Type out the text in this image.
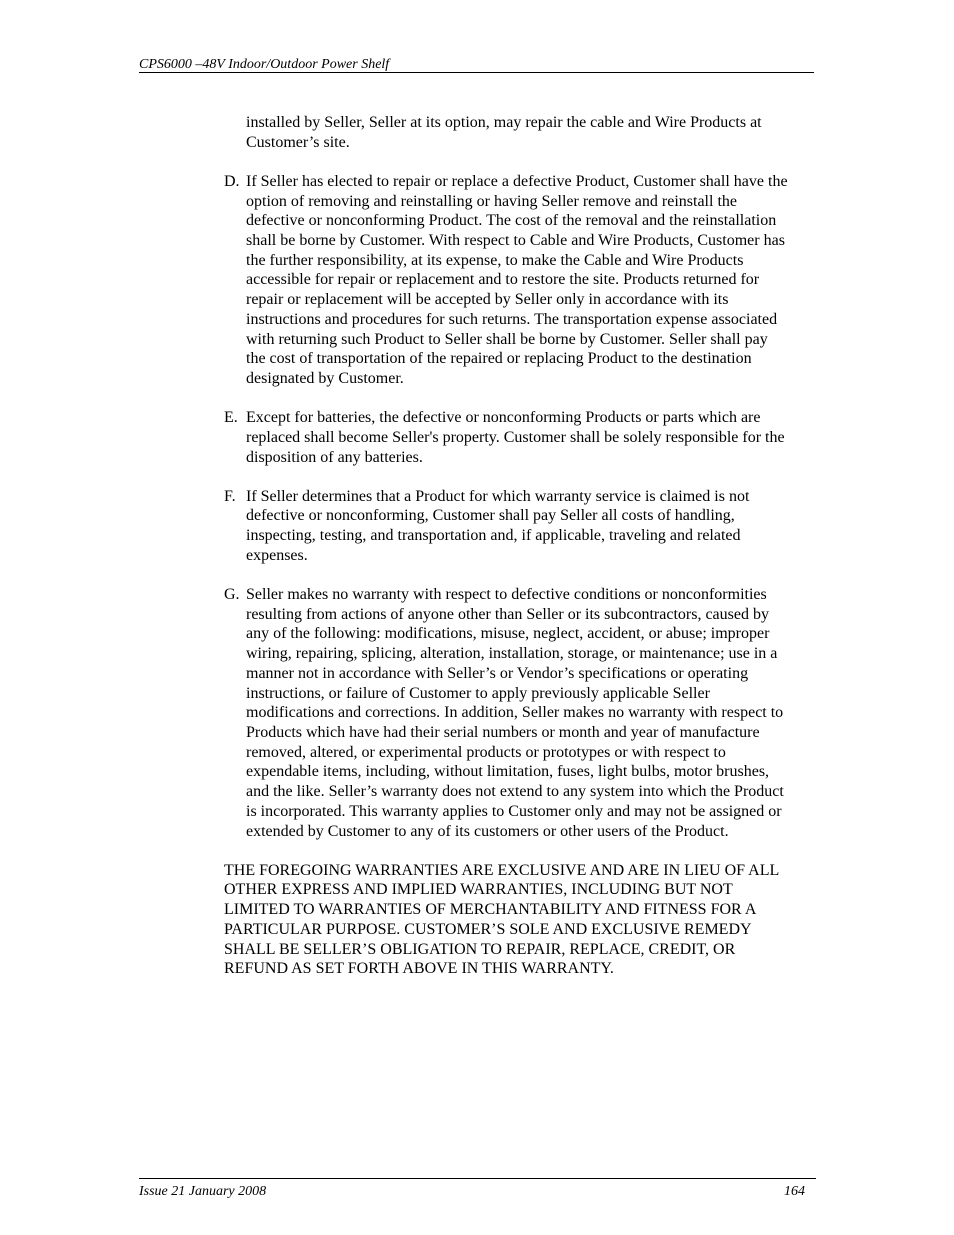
CPS6000 –48V Indoor/Outdoor Power Shelf

installed by Seller, Seller at its option, may repair the cable and Wire Products at Customer’s site.

D. If Seller has elected to repair or replace a defective Product, Customer shall have the option of removing and reinstalling or having Seller remove and reinstall the defective or nonconforming Product. The cost of the removal and the reinstallation shall be borne by Customer. With respect to Cable and Wire Products, Customer has the further responsibility, at its expense, to make the Cable and Wire Products accessible for repair or replacement and to restore the site. Products returned for repair or replacement will be accepted by Seller only in accordance with its instructions and procedures for such returns. The transportation expense associated with returning such Product to Seller shall be borne by Customer. Seller shall pay the cost of transportation of the repaired or replacing Product to the destination designated by Customer.
E. Except for batteries, the defective or nonconforming Products or parts which are replaced shall become Seller's property. Customer shall be solely responsible for the disposition of any batteries.
F. If Seller determines that a Product for which warranty service is claimed is not defective or nonconforming, Customer shall pay Seller all costs of handling, inspecting, testing, and transportation and, if applicable, traveling and related expenses.
G. Seller makes no warranty with respect to defective conditions or nonconformities resulting from actions of anyone other than Seller or its subcontractors, caused by any of the following: modifications, misuse, neglect, accident, or abuse; improper wiring, repairing, splicing, alteration, installation, storage, or maintenance; use in a manner not in accordance with Seller’s or Vendor’s specifications or operating instructions, or failure of Customer to apply previously applicable Seller modifications and corrections. In addition, Seller makes no warranty with respect to Products which have had their serial numbers or month and year of manufacture removed, altered, or experimental products or prototypes or with respect to expendable items, including, without limitation, fuses, light bulbs, motor brushes, and the like. Seller’s warranty does not extend to any system into which the Product is incorporated. This warranty applies to Customer only and may not be assigned or extended by Customer to any of its customers or other users of the Product.

THE FOREGOING WARRANTIES ARE EXCLUSIVE AND ARE IN LIEU OF ALL OTHER EXPRESS AND IMPLIED WARRANTIES, INCLUDING BUT NOT LIMITED TO WARRANTIES OF MERCHANTABILITY AND FITNESS FOR A PARTICULAR PURPOSE. CUSTOMER’S SOLE AND EXCLUSIVE REMEDY SHALL BE SELLER’S OBLIGATION TO REPAIR, REPLACE, CREDIT, OR REFUND AS SET FORTH ABOVE IN THIS WARRANTY.

Issue 21 January 2008	164
